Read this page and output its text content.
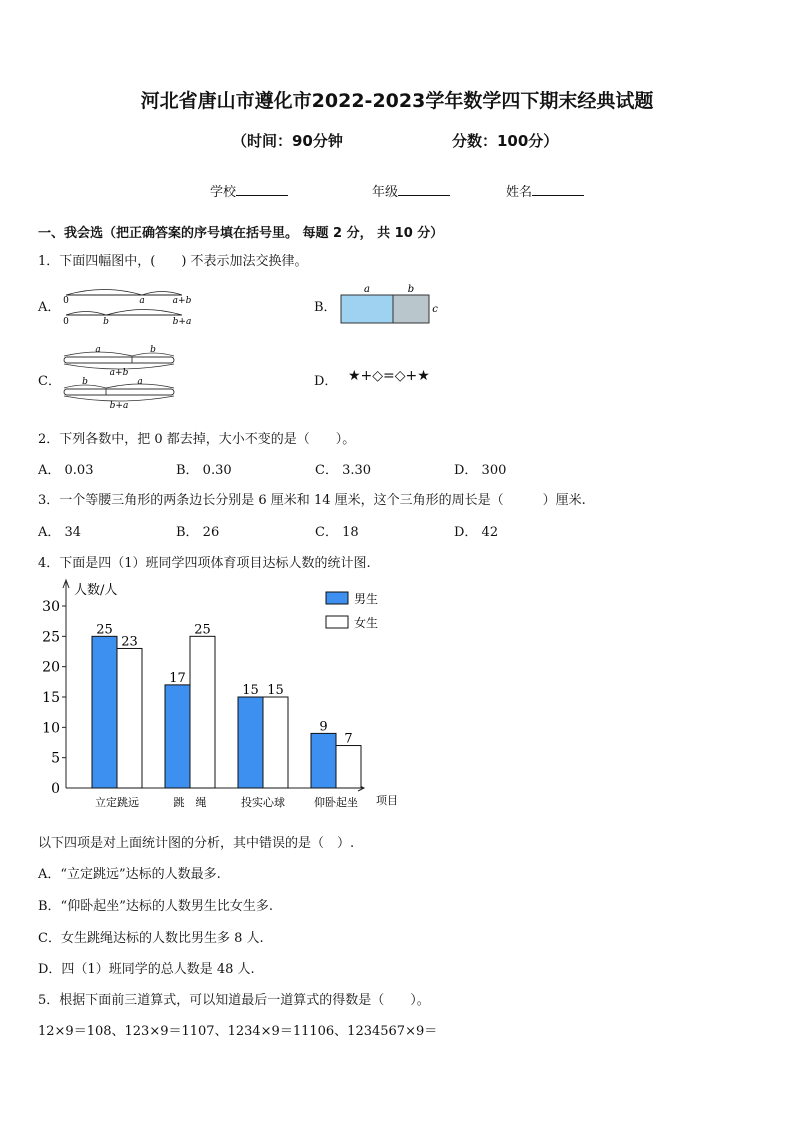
河北省唐山市遵化市2022-2023学年数学四下期末经典试题
（时间：90分钟	分数：100分）
学校	年级	姓名
一、我会选（把正确答案的序号填在括号里。 每题 2 分， 共 10 分）
1．下面四幅图中，(　　) 不表示加法交换律。
A． 0	a	a+b
0	b	b+a
B．
a	b
c
C．
a	b
a+b
b	a
b+a
D． ★+◇=◇+★
2．下列各数中，把 0 都去掉，大小不变的是（　　）。
A． 0.03	B． 0.30	C． 3.30	D． 300
3．一个等腰三角形的两条边长分别是 6 厘米和 14 厘米，这个三角形的周长是（　　　）厘米.
A． 34	B． 26	C． 18	D． 42
4．下面是四（1）班同学四项体育项目达标人数的统计图.
0
5
10
15
20
25
30
人数/人
项目
25
23
立定跳远
17
25
跳　绳
15 15
投实心球
9
7
仰卧起坐
男生
女生
以下四项是对上面统计图的分析，其中错误的是（　）.
A．“立定跳远”达标的人数最多.
B．“仰卧起坐”达标的人数男生比女生多.
C．女生跳绳达标的人数比男生多 8 人.
D．四（1）班同学的总人数是 48 人.
5．根据下面前三道算式，可以知道最后一道算式的得数是（　　）。
12×9＝108、123×9＝1107、1234×9＝11106、1234567×9＝
